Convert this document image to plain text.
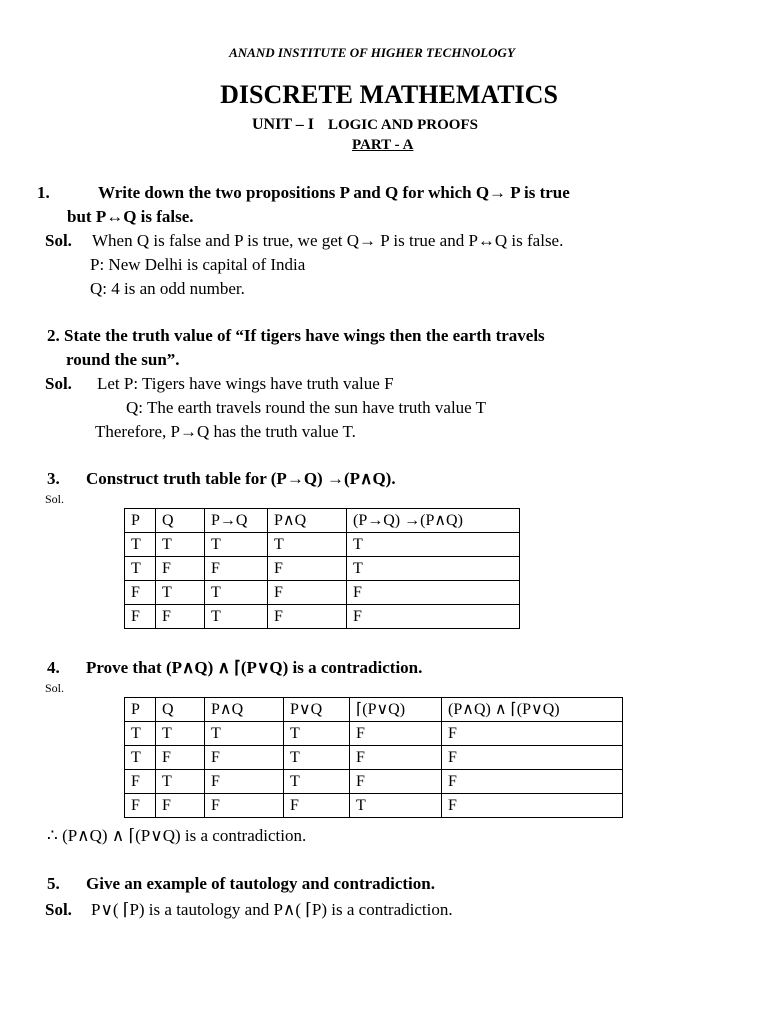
ANAND INSTITUTE OF HIGHER TECHNOLOGY
DISCRETE MATHEMATICS
UNIT – I LOGIC AND PROOFS
PART - A
1.	Write down the two propositions P and Q for which Q→ P is true
but P↔Q is false.
Sol. When Q is false and P is true, we get Q→ P is true and P↔Q is false.
P: New Delhi is capital of India
Q: 4 is an odd number.
2. State the truth value of “If tigers have wings then the earth travels
round the sun”.
Sol. Let P: Tigers have wings have truth value F
Q: The earth travels round the sun have truth value T
Therefore, P→Q has the truth value T.
3. Construct truth table for (P→Q) →(P∧Q).
Sol.
P	Q	P→Q	P∧Q	(P→Q) →(P∧Q)
T	T	T	T	T
T	F	F	F	T
F	T	T	F	F
F	F	T	F	F
4. Prove that (P∧Q) ∧ ⌈(P∨Q) is a contradiction.
Sol.
P	Q	P∧Q	P∨Q	⌈(P∨Q)	(P∧Q) ∧ ⌈(P∨Q)
T	T	T	T	F	F
T	F	F	T	F	F
F	T	F	T	F	F
F	F	F	F	T	F
∴ (P∧Q) ∧ ⌈(P∨Q) is a contradiction.
5. Give an example of tautology and contradiction.
Sol. P∨( ⌈P) is a tautology and P∧( ⌈P) is a contradiction.
